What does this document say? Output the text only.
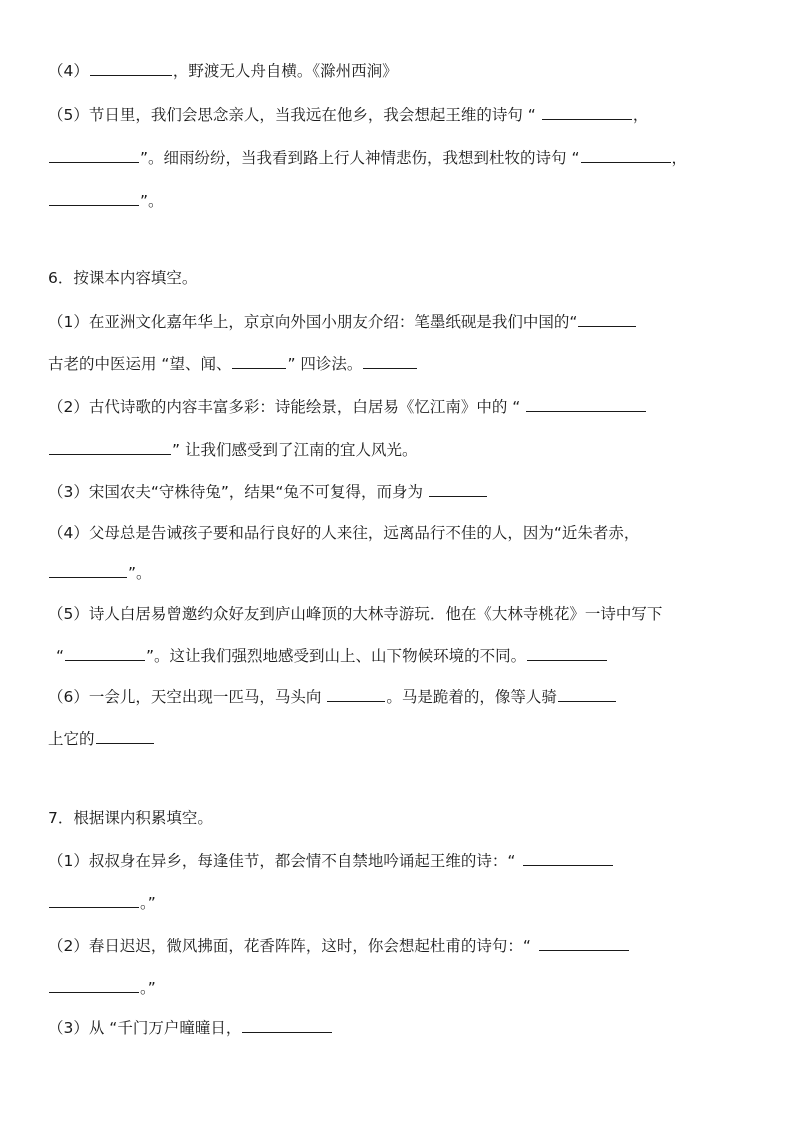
（4）	，野渡无人舟自横。《滁州西涧》
（5）节日里，我们会思念亲人，当我远在他乡，我会想起王维的诗句 “	，
”。细雨纷纷，当我看到路上行人神情悲伤，我想到杜牧的诗句 “	，
”。
6．按课本内容填空。
（1）在亚洲文化嘉年华上，京京向外国小朋友介绍：笔墨纸砚是我们中国的“
古老的中医运用 “望、闻、	” 四诊法。
（2）古代诗歌的内容丰富多彩：诗能绘景，白居易《忆江南》中的 “
” 让我们感受到了江南的宜人风光。
（3）宋国农夫“守株待兔”，结果“兔不可复得，而身为
（4）父母总是告诫孩子要和品行良好的人来往，远离品行不佳的人，因为“近朱者赤，
”。
（5）诗人白居易曾邀约众好友到庐山峰顶的大林寺游玩．他在《大林寺桃花》一诗中写下
“	”。这让我们强烈地感受到山上、山下物候环境的不同。
（6）一会儿，天空出现一匹马，马头向	。马是跪着的，像等人骑
上它的
7．根据课内积累填空。
（1）叔叔身在异乡，每逢佳节，都会情不自禁地吟诵起王维的诗：“
。”
（2）春日迟迟，微风拂面，花香阵阵，这时，你会想起杜甫的诗句：“
。”
（3）从 “千门万户曈曈日，
